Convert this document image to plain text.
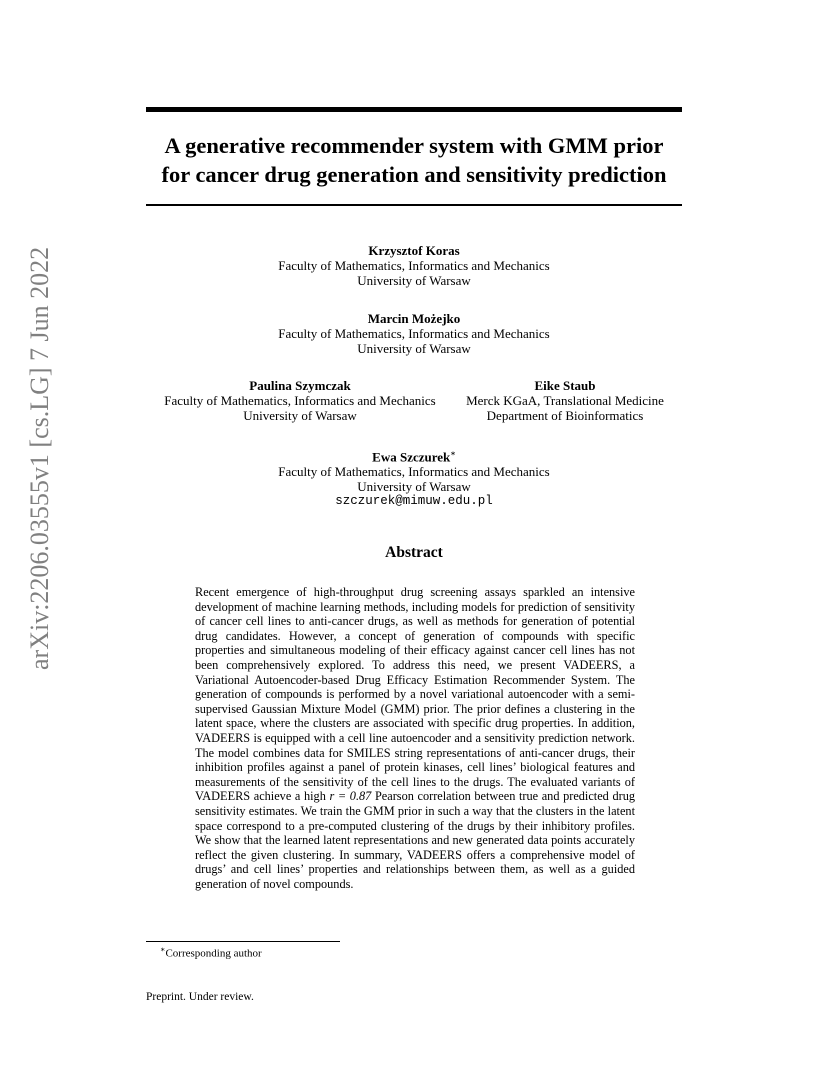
arXiv:2206.03555v1 [cs.LG] 7 Jun 2022
A generative recommender system with GMM prior
for cancer drug generation and sensitivity prediction
Krzysztof Koras
Faculty of Mathematics, Informatics and Mechanics
University of Warsaw
Marcin Możejko
Faculty of Mathematics, Informatics and Mechanics
University of Warsaw
Paulina Szymczak
Faculty of Mathematics, Informatics and Mechanics
University of Warsaw
Eike Staub
Merck KGaA, Translational Medicine
Department of Bioinformatics
Ewa Szczurek∗
Faculty of Mathematics, Informatics and Mechanics
University of Warsaw
szczurek@mimuw.edu.pl
Abstract
Recent emergence of high-throughput drug screening assays sparkled an intensive development of machine learning methods, including models for prediction of sensitivity of cancer cell lines to anti-cancer drugs, as well as methods for generation of potential drug candidates. However, a concept of generation of compounds with specific properties and simultaneous modeling of their efficacy against cancer cell lines has not been comprehensively explored. To address this need, we present VADEERS, a Variational Autoencoder-based Drug Efficacy Estimation Recommender System. The generation of compounds is performed by a novel variational autoencoder with a semi-supervised Gaussian Mixture Model (GMM) prior. The prior defines a clustering in the latent space, where the clusters are associated with specific drug properties. In addition, VADEERS is equipped with a cell line autoencoder and a sensitivity prediction network. The model combines data for SMILES string representations of anti-cancer drugs, their inhibition profiles against a panel of protein kinases, cell lines’ biological features and measurements of the sensitivity of the cell lines to the drugs. The evaluated variants of VADEERS achieve a high r = 0.87 Pearson correlation between true and predicted drug sensitivity estimates. We train the GMM prior in such a way that the clusters in the latent space correspond to a pre-computed clustering of the drugs by their inhibitory profiles. We show that the learned latent representations and new generated data points accurately reflect the given clustering. In summary, VADEERS offers a comprehensive model of drugs’ and cell lines’ properties and relationships between them, as well as a guided generation of novel compounds.
∗Corresponding author
Preprint. Under review.
